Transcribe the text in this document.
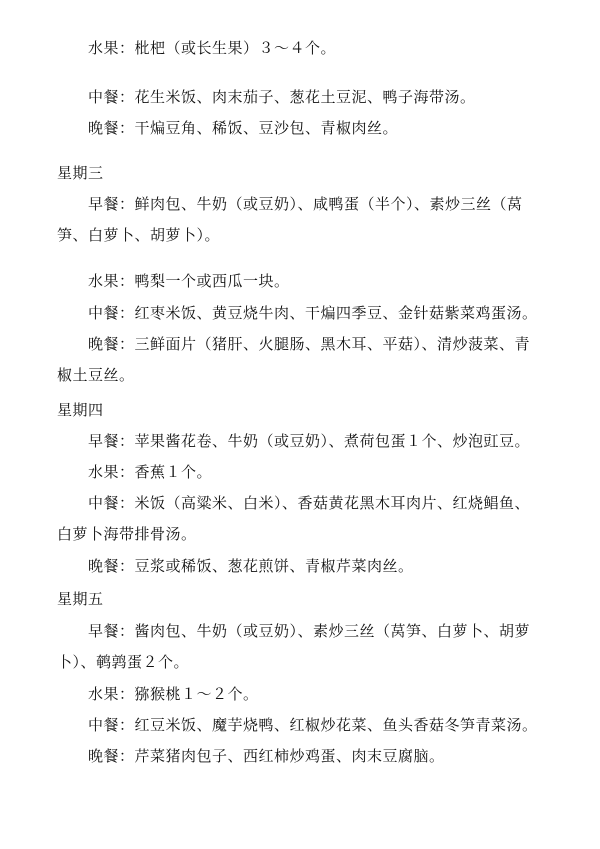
水果：枇杷（或长生果）３～４个。
中餐：花生米饭、肉末茄子、葱花土豆泥、鸭子海带汤。
晚餐：干煸豆角、稀饭、豆沙包、青椒肉丝。
星期三
早餐：鲜肉包、牛奶（或豆奶）、咸鸭蛋（半个）、素炒三丝（莴
笋、白萝卜、胡萝卜）。
水果：鸭梨一个或西瓜一块。
中餐：红枣米饭、黄豆烧牛肉、干煸四季豆、金针菇紫菜鸡蛋汤。
晚餐：三鲜面片（猪肝、火腿肠、黑木耳、平菇）、清炒菠菜、青
椒土豆丝。
星期四
早餐：苹果酱花卷、牛奶（或豆奶）、煮荷包蛋１个、炒泡豇豆。
水果：香蕉１个。
中餐：米饭（高粱米、白米）、香菇黄花黑木耳肉片、红烧鲳鱼、
白萝卜海带排骨汤。
晚餐：豆浆或稀饭、葱花煎饼、青椒芹菜肉丝。
星期五
早餐：酱肉包、牛奶（或豆奶）、素炒三丝（莴笋、白萝卜、胡萝
卜）、鹌鹑蛋２个。
水果：猕猴桃１～２个。
中餐：红豆米饭、魔芋烧鸭、红椒炒花菜、鱼头香菇冬笋青菜汤。
晚餐：芹菜猪肉包子、西红柿炒鸡蛋、肉末豆腐脑。
